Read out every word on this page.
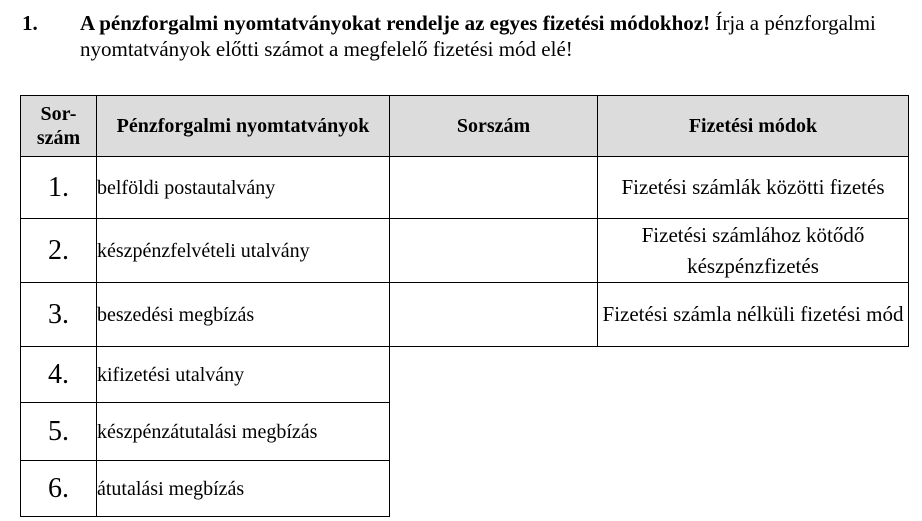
1. A pénzforgalmi nyomtatványokat rendelje az egyes fizetési módokhoz! Írja a pénzforgalmi nyomtatványok előtti számot a megfelelő fizetési mód elé!
Sor-szám	Pénzforgalmi nyomtatványok	Sorszám	Fizetési módok
1.	belföldi postautalvány		Fizetési számlák közötti fizetés
2.	készpénzfelvételi utalvány		Fizetési számlához kötődő készpénzfizetés
3.	beszedési megbízás		Fizetési számla nélküli fizetési mód
4.	kifizetési utalvány		
5.	készpénzátutalási megbízás		
6.	átutalási megbízás		
